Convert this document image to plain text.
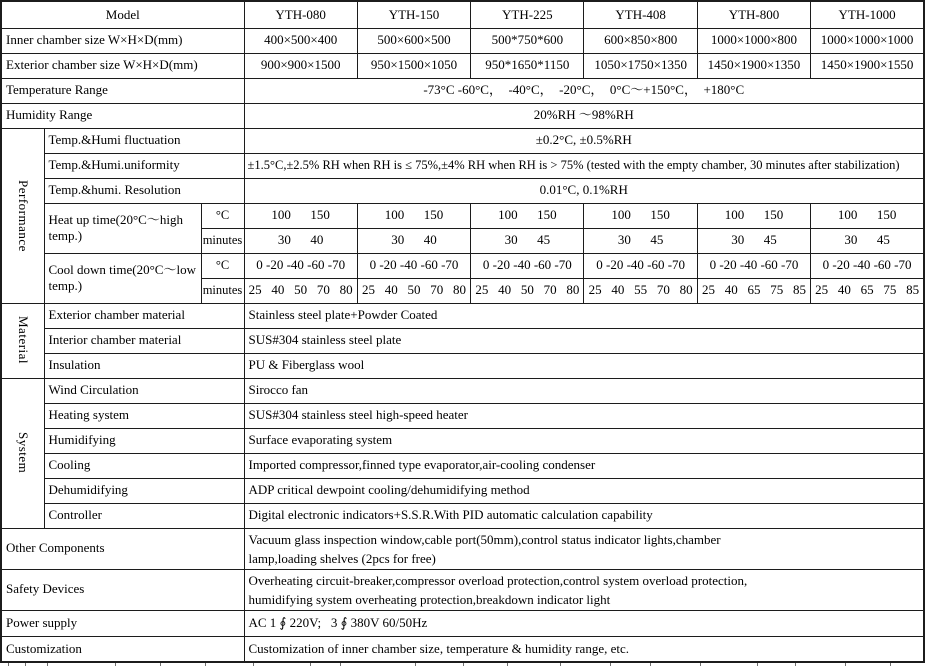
Model			YTH-080	YTH-150	YTH-225	YTH-408	YTH-800	YTH-1000
Inner chamber size W×H×D(mm)			400×500×400	500×600×500	500*750*600	600×850×800	1000×1000×800	1000×1000×1000
Exterior chamber size W×H×D(mm)			900×900×1500	950×1500×1050	950*1650*1150	1050×1750×1350	1450×1900×1350	1450×1900×1550
Temperature Range			-73°C -60°C，  -40°C，  -20°C，  0°C〜+150°C，  +180°C					
Humidity Range			20%RH 〜98%RH					
Performance	Temp.&Humi fluctuation		±0.2°C, ±0.5%RH					
	Temp.&Humi.uniformity		±1.5°C,±2.5% RH when RH is ≤ 75%,±4% RH when RH is > 75% (tested with the empty chamber, 30 minutes after stabilization)					
	Temp.&humi. Resolution		0.01°C, 0.1%RH					
	Heat up time(20°C〜high temp.)	°C	100      150	100      150	100      150	100      150	100      150	100      150
		minutes	30      40	30      40	30      45	30      45	30      45	30      45
	Cool down time(20°C〜low temp.)	°C	0 -20 -40 -60 -70	0 -20 -40 -60 -70	0 -20 -40 -60 -70	0 -20 -40 -60 -70	0 -20 -40 -60 -70	0 -20 -40 -60 -70
		minutes	25   40   50   70   80	25   40   50   70   80	25   40   50   70   80	25   40   55   70   80	25   40   65   75   85	25   40   65   75   85
Material	Exterior chamber material		Stainless steel plate+Powder Coated					
	Interior chamber material		SUS#304 stainless steel plate					
	Insulation		PU & Fiberglass wool					
System	Wind Circulation		Sirocco fan					
	Heating system		SUS#304 stainless steel high-speed heater					
	Humidifying		Surface evaporating system					
	Cooling		Imported compressor,finned type evaporator,air-cooling condenser					
	Dehumidifying		ADP critical dewpoint cooling/dehumidifying method					
	Controller		Digital electronic indicators+S.S.R.With PID automatic calculation capability					
Other Components			Vacuum glass inspection window,cable port(50mm),control status indicator lights,chamber
lamp,loading shelves (2pcs for free)					

Safety Devices			Overheating circuit-breaker,compressor overload protection,control system overload protection,
humidifying system overheating protection,breakdown indicator light					

Power supply			AC 1 ∮ 220V;   3 ∮ 380V 60/50Hz					
Customization			Customization of inner chamber size, temperature & humidity range, etc.					
